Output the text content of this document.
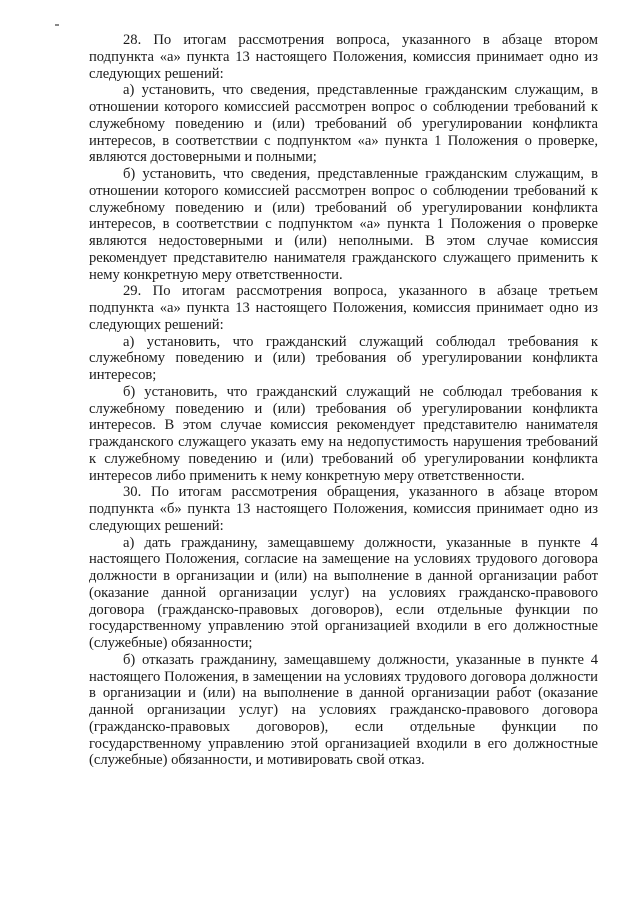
28. По итогам рассмотрения вопроса, указанного в абзаце втором подпункта «а» пункта 13 настоящего Положения, комиссия принимает одно из следующих решений:

а) установить, что сведения, представленные гражданским служащим, в отношении которого комиссией рассмотрен вопрос о соблюдении требований к служебному поведению и (или) требований об урегулировании конфликта интересов, в соответствии с подпунктом «а» пункта 1 Положения о проверке, являются достоверными и полными;

б) установить, что сведения, представленные гражданским служащим, в отношении которого комиссией рассмотрен вопрос о соблюдении требований к служебному поведению и (или) требований об урегулировании конфликта интересов, в соответствии с подпунктом «а» пункта 1 Положения о проверке являются недостоверными и (или) неполными. В этом случае комиссия рекомендует представителю нанимателя гражданского служащего применить к нему конкретную меру ответственности.

29. По итогам рассмотрения вопроса, указанного в абзаце третьем подпункта «а» пункта 13 настоящего Положения, комиссия принимает одно из следующих решений:

а) установить, что гражданский служащий соблюдал требования к служебному поведению и (или) требования об урегулировании конфликта интересов;

б) установить, что гражданский служащий не соблюдал требования к служебному поведению и (или) требования об урегулировании конфликта интересов. В этом случае комиссия рекомендует представителю нанимателя гражданского служащего указать ему на недопустимость нарушения требований к служебному поведению и (или) требований об урегулировании конфликта интересов либо применить к нему конкретную меру ответственности.

30. По итогам рассмотрения обращения, указанного в абзаце втором подпункта «б» пункта 13 настоящего Положения, комиссия принимает одно из следующих решений:

а) дать гражданину, замещавшему должности, указанные в пункте 4 настоящего Положения, согласие на замещение на условиях трудового договора должности в организации и (или) на выполнение в данной организации работ (оказание данной организации услуг) на условиях гражданско-правового договора (гражданско-правовых договоров), если отдельные функции по государственному управлению этой организацией входили в его должностные (служебные) обязанности;

б) отказать гражданину, замещавшему должности, указанные в пункте 4 настоящего Положения, в замещении на условиях трудового договора должности в организации и (или) на выполнение в данной организации работ (оказание данной организации услуг) на условиях гражданско-правового договора (гражданско-правовых договоров), если отдельные функции по государственному управлению этой организацией входили в его должностные (служебные) обязанности, и мотивировать свой отказ.
